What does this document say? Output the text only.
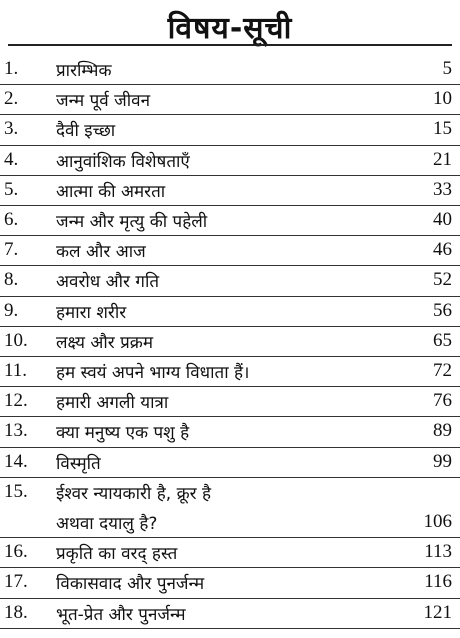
विषय-सूची
1.	प्रारम्भिक	5
2.	जन्म पूर्व जीवन	10
3.	दैवी इच्छा	15
4.	आनुवांशिक विशेषताएँ	21
5.	आत्मा की अमरता	33
6.	जन्म और मृत्यु की पहेली	40
7.	कल और आज	46
8.	अवरोध और गति	52
9.	हमारा शरीर	56
10.	लक्ष्य और प्रक्रम	65
11.	हम स्वयं अपने भाग्य विधाता हैं।	72
12.	हमारी अगली यात्रा	76
13.	क्या मनुष्य एक पशु है	89
14.	विस्मृति	99
15.	ईश्वर न्यायकारी है, क्रूर है
अथवा दयालु है?	106
16.	प्रकृति का वरद् हस्त	113
17.	विकासवाद और पुनर्जन्म	116
18.	भूत-प्रेत और पुनर्जन्म	121
